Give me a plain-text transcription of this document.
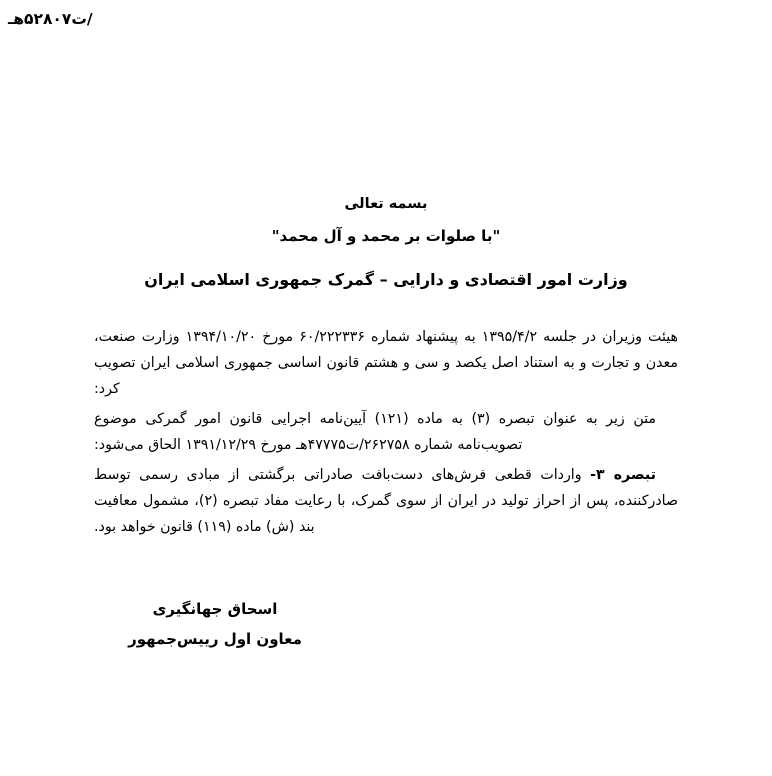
/ت۵۲۸۰۷هـ
بسمه تعالی
"با صلوات بر محمد و آل محمد"
وزارت امور اقتصادی و دارایی – گمرک جمهوری اسلامی ایران

هیئت وزیران در جلسه ۱۳۹۵/۴/۲ به پیشنهاد شماره ۶۰/۲۲۲۳۳۶ مورخ ۱۳۹۴/۱۰/۲۰ وزارت صنعت، معدن و تجارت و به استناد اصل یکصد و سی و هشتم قانون اساسی جمهوری اسلامی ایران تصویب کرد:

متن زیر به عنوان تبصره (۳) به ماده (۱۲۱) آیین‌نامه اجرایی قانون امور گمرکی موضوع تصویب‌نامه شماره ۲۶۲۷۵۸/ت۴۷۷۷۵هـ مورخ ۱۳۹۱/۱۲/۲۹ الحاق می‌شود:

تبصره ۳- واردات قطعی فرش‌های دست‌بافت صادراتی برگشتی از مبادی رسمی توسط صادرکننده، پس از احراز تولید در ایران از سوی گمرک، با رعایت مفاد تبصره (۲)، مشمول معافیت بند (ش) ماده (۱۱۹) قانون خواهد بود.

اسحاق جهانگیری
معاون اول رییس‌جمهور
